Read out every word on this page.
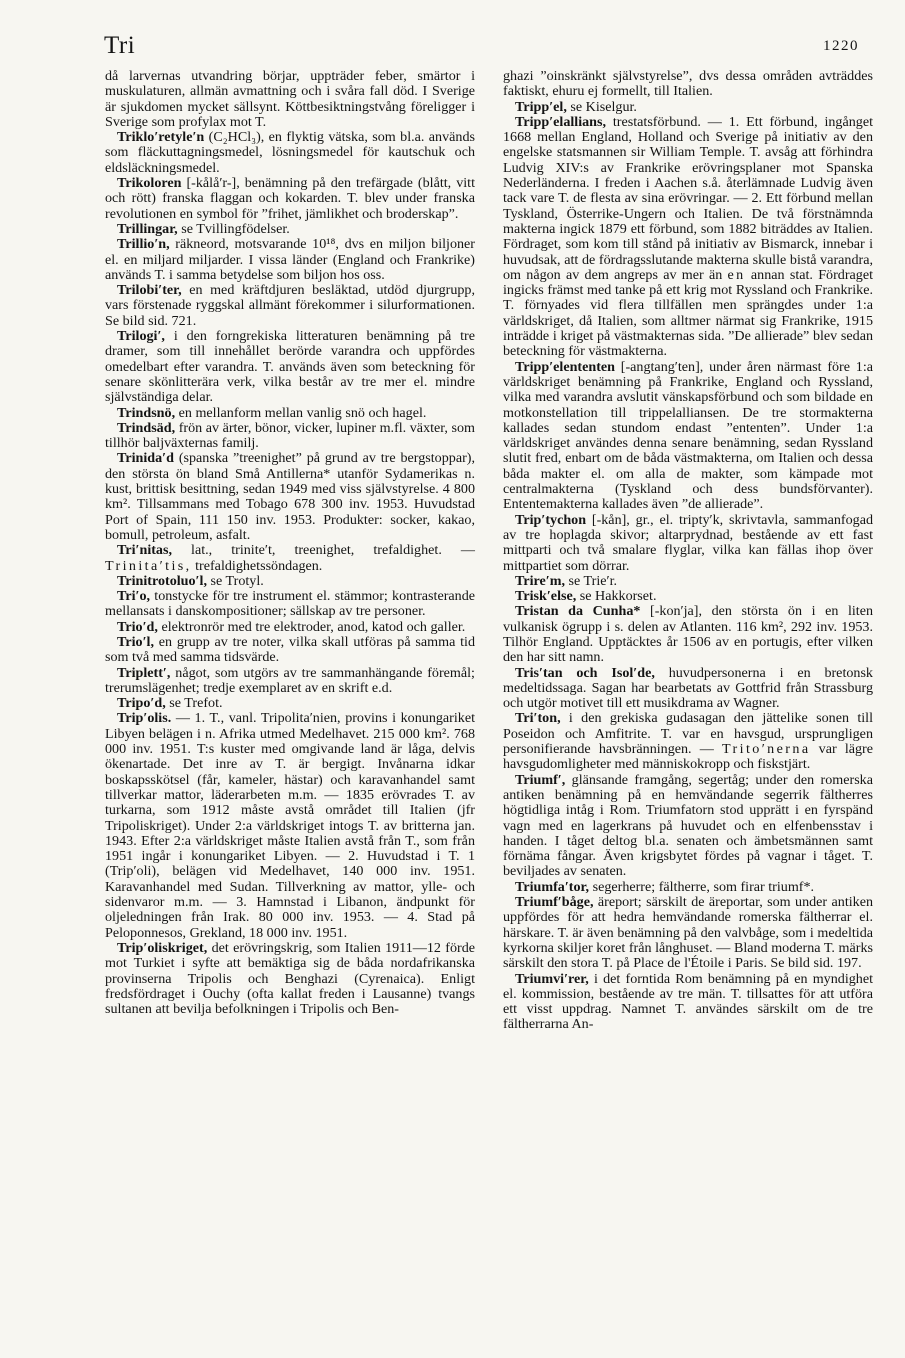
Tri	1220

då larvernas utvandring börjar, uppträder feber, smärtor i muskulaturen, allmän avmattning och i svåra fall död. I Sverige är sjukdomen mycket sällsynt. Köttbesiktningstvång föreligger i Sverige som profylax mot T.

Triklo′retyle′n (C₂HCl₃), en flyktig vätska, som bl.a. används som fläckuttagningsmedel, lösningsmedel för kautschuk och eldsläckningsmedel.

Trikoloren [-kålå′r-], benämning på den trefärgade (blått, vitt och rött) franska flaggan och kokarden. T. blev under franska revolutionen en symbol för ”frihet, jämlikhet och broderskap”.

Trillingar, se Tvillingfödelser.

Trillio′n, räkneord, motsvarande 10¹⁸, dvs en miljon biljoner el. en miljard miljarder. I vissa länder (England och Frankrike) används T. i samma betydelse som biljon hos oss.

Trilobi′ter, en med kräftdjuren besläktad, utdöd djurgrupp, vars förstenade ryggskal allmänt förekommer i silurformationen. Se bild sid. 721.

Trilogi′, i den forngrekiska litteraturen benämning på tre dramer, som till innehållet berörde varandra och uppfördes omedelbart efter varandra. T. används även som beteckning för senare skönlitterära verk, vilka består av tre mer el. mindre självständiga delar.

Trindsnö, en mellanform mellan vanlig snö och hagel.

Trindsäd, frön av ärter, bönor, vicker, lupiner m.fl. växter, som tillhör baljväxternas familj.

Trinida′d (spanska ”treenighet” på grund av tre bergstoppar), den största ön bland Små Antillerna* utanför Sydamerikas n. kust, brittisk besittning, sedan 1949 med viss självstyrelse. 4 800 km². Tillsammans med Tobago 678 300 inv. 1953. Huvudstad Port of Spain, 111 150 inv. 1953. Produkter: socker, kakao, bomull, petroleum, asfalt.

Tri′nitas, lat., trinite′t, treenighet, trefaldighet. — Trinita′tis, trefaldighetssöndagen.

Trinitrotoluo′l, se Trotyl.

Tri′o, tonstycke för tre instrument el. stämmor; kontrasterande mellansats i danskompositioner; sällskap av tre personer.

Trio′d, elektronrör med tre elektroder, anod, katod och galler.

Trio′l, en grupp av tre noter, vilka skall utföras på samma tid som två med samma tidsvärde.

Triplett′, något, som utgörs av tre sammanhängande föremål; trerumslägenhet; tredje exemplaret av en skrift e.d.

Tripo′d, se Trefot.

Trip′olis. — 1. T., vanl. Tripolita′nien, provins i konungariket Libyen belägen i n. Afrika utmed Medelhavet. 215 000 km². 768 000 inv. 1951. T:s kuster med omgivande land är låga, delvis ökenartade. Det inre av T. är bergigt. Invånarna idkar boskapsskötsel (får, kameler, hästar) och karavanhandel samt tillverkar mattor, läderarbeten m.m. — 1835 erövrades T. av turkarna, som 1912 måste avstå området till Italien (jfr Tripoliskriget). Under 2:a världskriget intogs T. av britterna jan. 1943. Efter 2:a världskriget måste Italien avstå från T., som från 1951 ingår i konungariket Libyen. — 2. Huvudstad i T. 1 (Trip′oli), belägen vid Medelhavet, 140 000 inv. 1951. Karavanhandel med Sudan. Tillverkning av mattor, ylle- och sidenvaror m.m. — 3. Hamnstad i Libanon, ändpunkt för oljeledningen från Irak. 80 000 inv. 1953. — 4. Stad på Peloponnesos, Grekland, 18 000 inv. 1951.

Trip′oliskriget, det erövringskrig, som Italien 1911—12 förde mot Turkiet i syfte att bemäktiga sig de båda nordafrikanska provinserna Tripolis och Benghazi (Cyrenaica). Enligt fredsfördraget i Ouchy (ofta kallat freden i Lausanne) tvangs sultanen att bevilja befolkningen i Tripolis och Ben-

ghazi ”oinskränkt självstyrelse”, dvs dessa områden avträddes faktiskt, ehuru ej formellt, till Italien.

Tripp′el, se Kiselgur.

Tripp′elallians, trestatsförbund. — 1. Ett förbund, ingånget 1668 mellan England, Holland och Sverige på initiativ av den engelske statsmannen sir William Temple. T. avsåg att förhindra Ludvig XIV:s av Frankrike erövringsplaner mot Spanska Nederländerna. I freden i Aachen s.å. återlämnade Ludvig även tack vare T. de flesta av sina erövringar. — 2. Ett förbund mellan Tyskland, Österrike-Ungern och Italien. De två förstnämnda makterna ingick 1879 ett förbund, som 1882 biträddes av Italien. Fördraget, som kom till stånd på initiativ av Bismarck, innebar i huvudsak, att de fördragsslutande makterna skulle bistå varandra, om någon av dem angreps av mer än en annan stat. Fördraget ingicks främst med tanke på ett krig mot Ryssland och Frankrike. T. förnyades vid flera tillfällen men sprängdes under 1:a världskriget, då Italien, som alltmer närmat sig Frankrike, 1915 inträdde i kriget på västmakternas sida. ”De allierade” blev sedan beteckning för västmakterna.

Tripp′elententen [-angtang′ten], under åren närmast före 1:a världskriget benämning på Frankrike, England och Ryssland, vilka med varandra avslutit vänskapsförbund och som bildade en motkonstellation till trippelalliansen. De tre stormakterna kallades sedan stundom endast ”ententen”. Under 1:a världskriget användes denna senare benämning, sedan Ryssland slutit fred, enbart om de båda västmakterna, om Italien och dessa båda makter el. om alla de makter, som kämpade mot centralmakterna (Tyskland och dess bundsförvanter). Ententemakterna kallades även ”de allierade”.

Trip′tychon [-kån], gr., el. tripty′k, skrivtavla, sammanfogad av tre hoplagda skivor; altarprydnad, bestående av ett fast mittparti och två smalare flyglar, vilka kan fällas ihop över mittpartiet som dörrar.

Trire′m, se Trie′r.

Trisk′else, se Hakkorset.

Tristan da Cunha* [-kon′ja], den största ön i en liten vulkanisk ögrupp i s. delen av Atlanten. 116 km², 292 inv. 1953. Tilhör England. Upptäcktes år 1506 av en portugis, efter vilken den har sitt namn.

Tris′tan och Isol′de, huvudpersonerna i en bretonsk medeltidssaga. Sagan har bearbetats av Gottfrid från Strassburg och utgör motivet till ett musikdrama av Wagner.

Tri′ton, i den grekiska gudasagan den jättelike sonen till Poseidon och Amfitrite. T. var en havsgud, ursprungligen personifierande havsbränningen. — Trito′nerna var lägre havsgudomligheter med människokropp och fiskstjärt.

Triumf′, glänsande framgång, segertåg; under den romerska antiken benämning på en hemvändande segerrik fältherres högtidliga intåg i Rom. Triumfatorn stod upprätt i en fyrspänd vagn med en lagerkrans på huvudet och en elfenbensstav i handen. I tåget deltog bl.a. senaten och ämbetsmännen samt förnäma fångar. Även krigsbytet fördes på vagnar i tåget. T. beviljades av senaten.

Triumfa′tor, segerherre; fältherre, som firar triumf*.

Triumf′båge, äreport; särskilt de äreportar, som under antiken uppfördes för att hedra hemvändande romerska fältherrar el. härskare. T. är även benämning på den valvbåge, som i medeltida kyrkorna skiljer koret från långhuset. — Bland moderna T. märks särskilt den stora T. på Place de l'Étoile i Paris. Se bild sid. 197.

Triumvi′rer, i det forntida Rom benämning på en myndighet el. kommission, bestående av tre män. T. tillsattes för att utföra ett visst uppdrag. Namnet T. användes särskilt om de tre fältherrarna An-
